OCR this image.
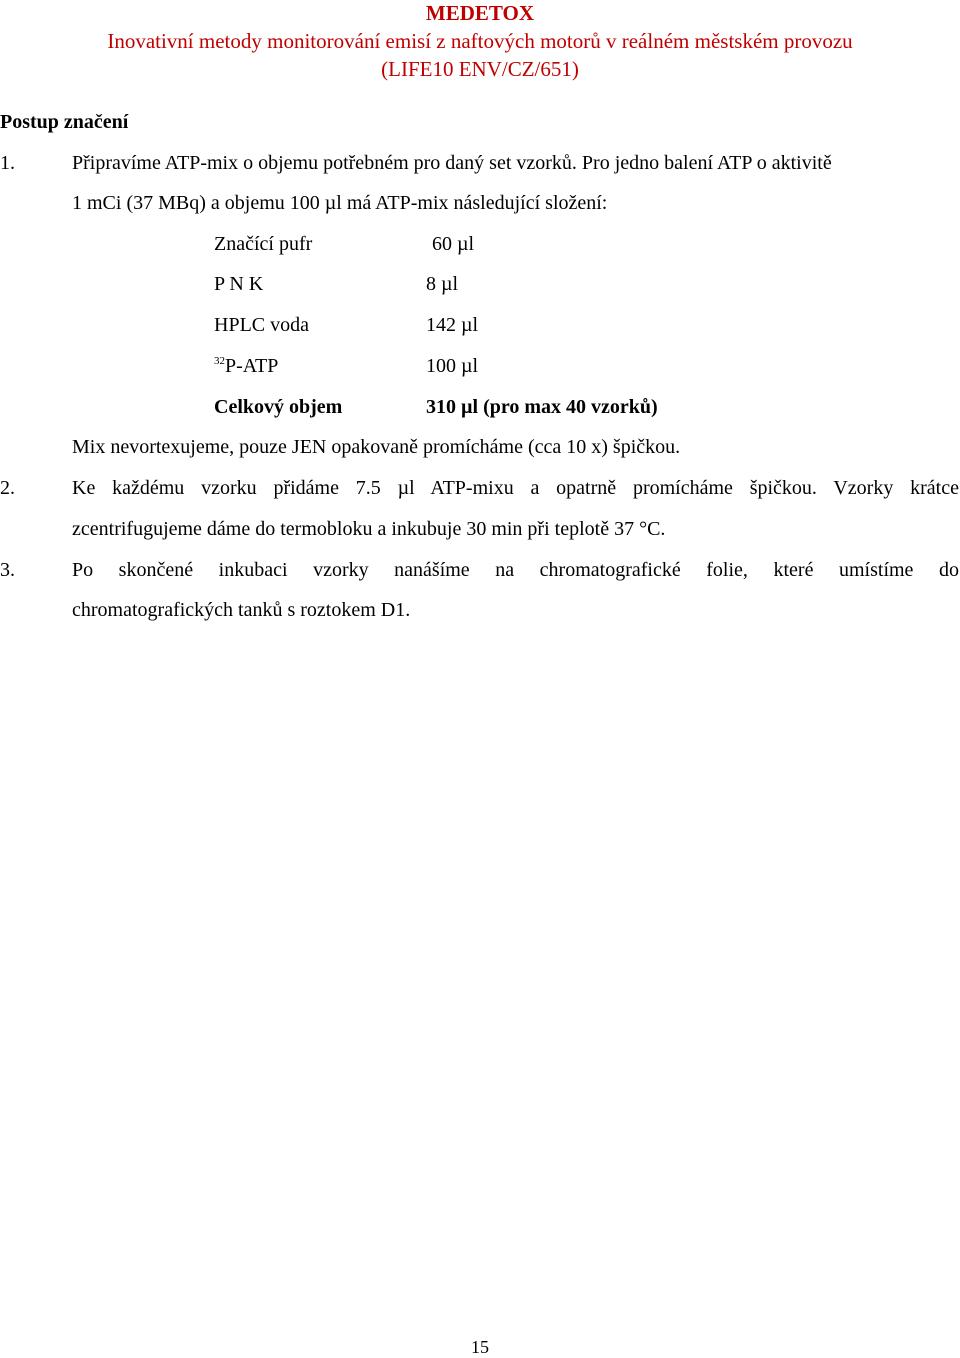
MEDETOX
Inovativní metody monitorování emisí z naftových motorů v reálném městském provozu
(LIFE10 ENV/CZ/651)
Postup značení
1.	Připravíme ATP-mix o objemu potřebném pro daný set vzorků. Pro jedno balení ATP o aktivitě
1 mCi (37 MBq) a objemu 100 µl má ATP-mix následující složení:
Značící pufr	60 µl
P N K	8 µl
HPLC voda	142 µl
$^{32}$P-ATP	100 µl
Celkový objem	310 µl (pro max 40 vzorků)
Mix nevortexujeme, pouze JEN opakovaně promícháme (cca 10 x) špičkou.
2.	Ke každému vzorku přidáme 7.5 µl ATP-mixu a opatrně promícháme špičkou. Vzorky krátce
zcentrifugujeme dáme do termobloku a inkubuje 30 min při teplotě 37 °C.
3.	Po skončené inkubaci vzorky nanášíme na chromatografické folie, které umístíme do
chromatografických tanků s roztokem D1.
15
